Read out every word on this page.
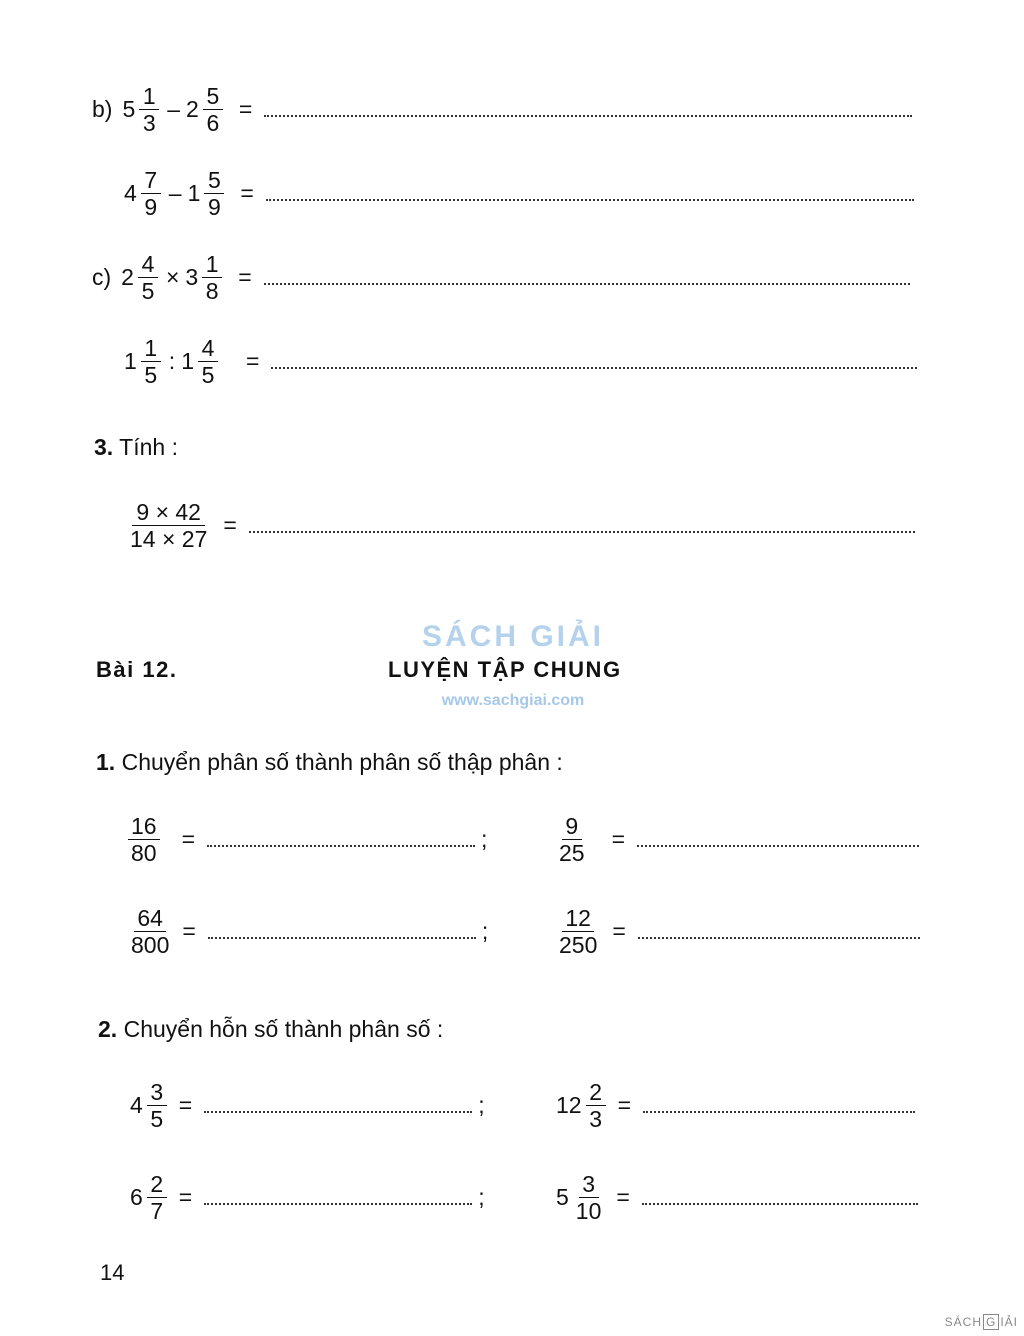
b) $5 \frac{1}{3} - 2 \frac{5}{6}$ =
$4 \frac{7}{9} - 1 \frac{5}{9}$ =
c) $2 \frac{4}{5} \times 3 \frac{1}{8}$ =
$1 \frac{1}{5}$ : $1 \frac{4}{5}$ =
3. Tính :
$\frac{9 \times 42}{14 \times 27}$ =
Bài 12.	LUYỆN TẬP CHUNG
SÁCH GIẢI
www.sachgiai.com
1. Chuyển phân số thành phân số thập phân :
$\frac{16}{80}$ =	;	$\frac{9}{25}$ =
$\frac{64}{800}$ =	;	$\frac{12}{250}$ =
2. Chuyển hỗn số thành phân số :
$4 \frac{3}{5}$ =	;	$12 \frac{2}{3}$ =
$6 \frac{2}{7}$ =	;	$5 \frac{3}{10}$ =
14
SÁCH G IẢI
